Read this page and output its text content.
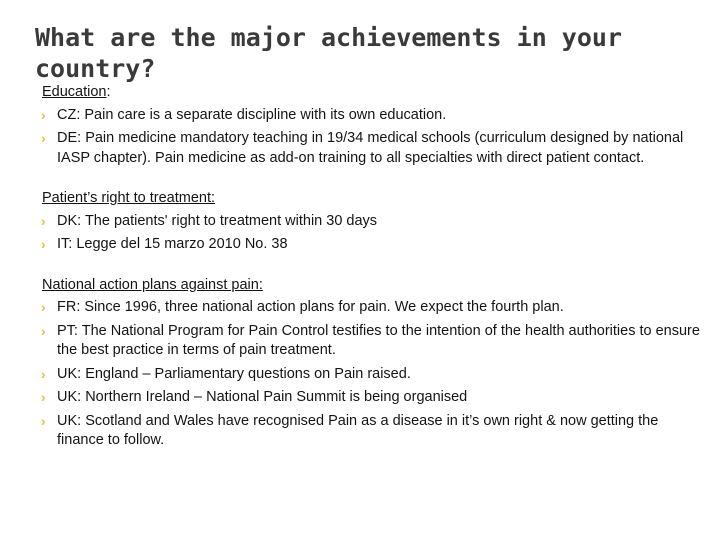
What are the major achievements in your country?
Education:
› CZ: Pain care is a separate discipline with its own education.
› DE: Pain medicine mandatory teaching in 19/34 medical schools (curriculum designed by national IASP chapter). Pain medicine as add-on training to all specialties with direct patient contact.
Patient’s right to treatment:
› DK: The patients' right to treatment within 30 days
› IT: Legge del 15 marzo 2010 No. 38
National action plans against pain:
› FR: Since 1996, three national action plans for pain. We expect the fourth plan.
› PT: The National Program for Pain Control testifies to the intention of the health authorities to ensure the best practice in terms of pain treatment.
› UK: England – Parliamentary questions on Pain raised.
› UK: Northern Ireland – National Pain Summit is being organised
› UK: Scotland and Wales have recognised Pain as a disease in it’s own right & now getting the finance to follow.
